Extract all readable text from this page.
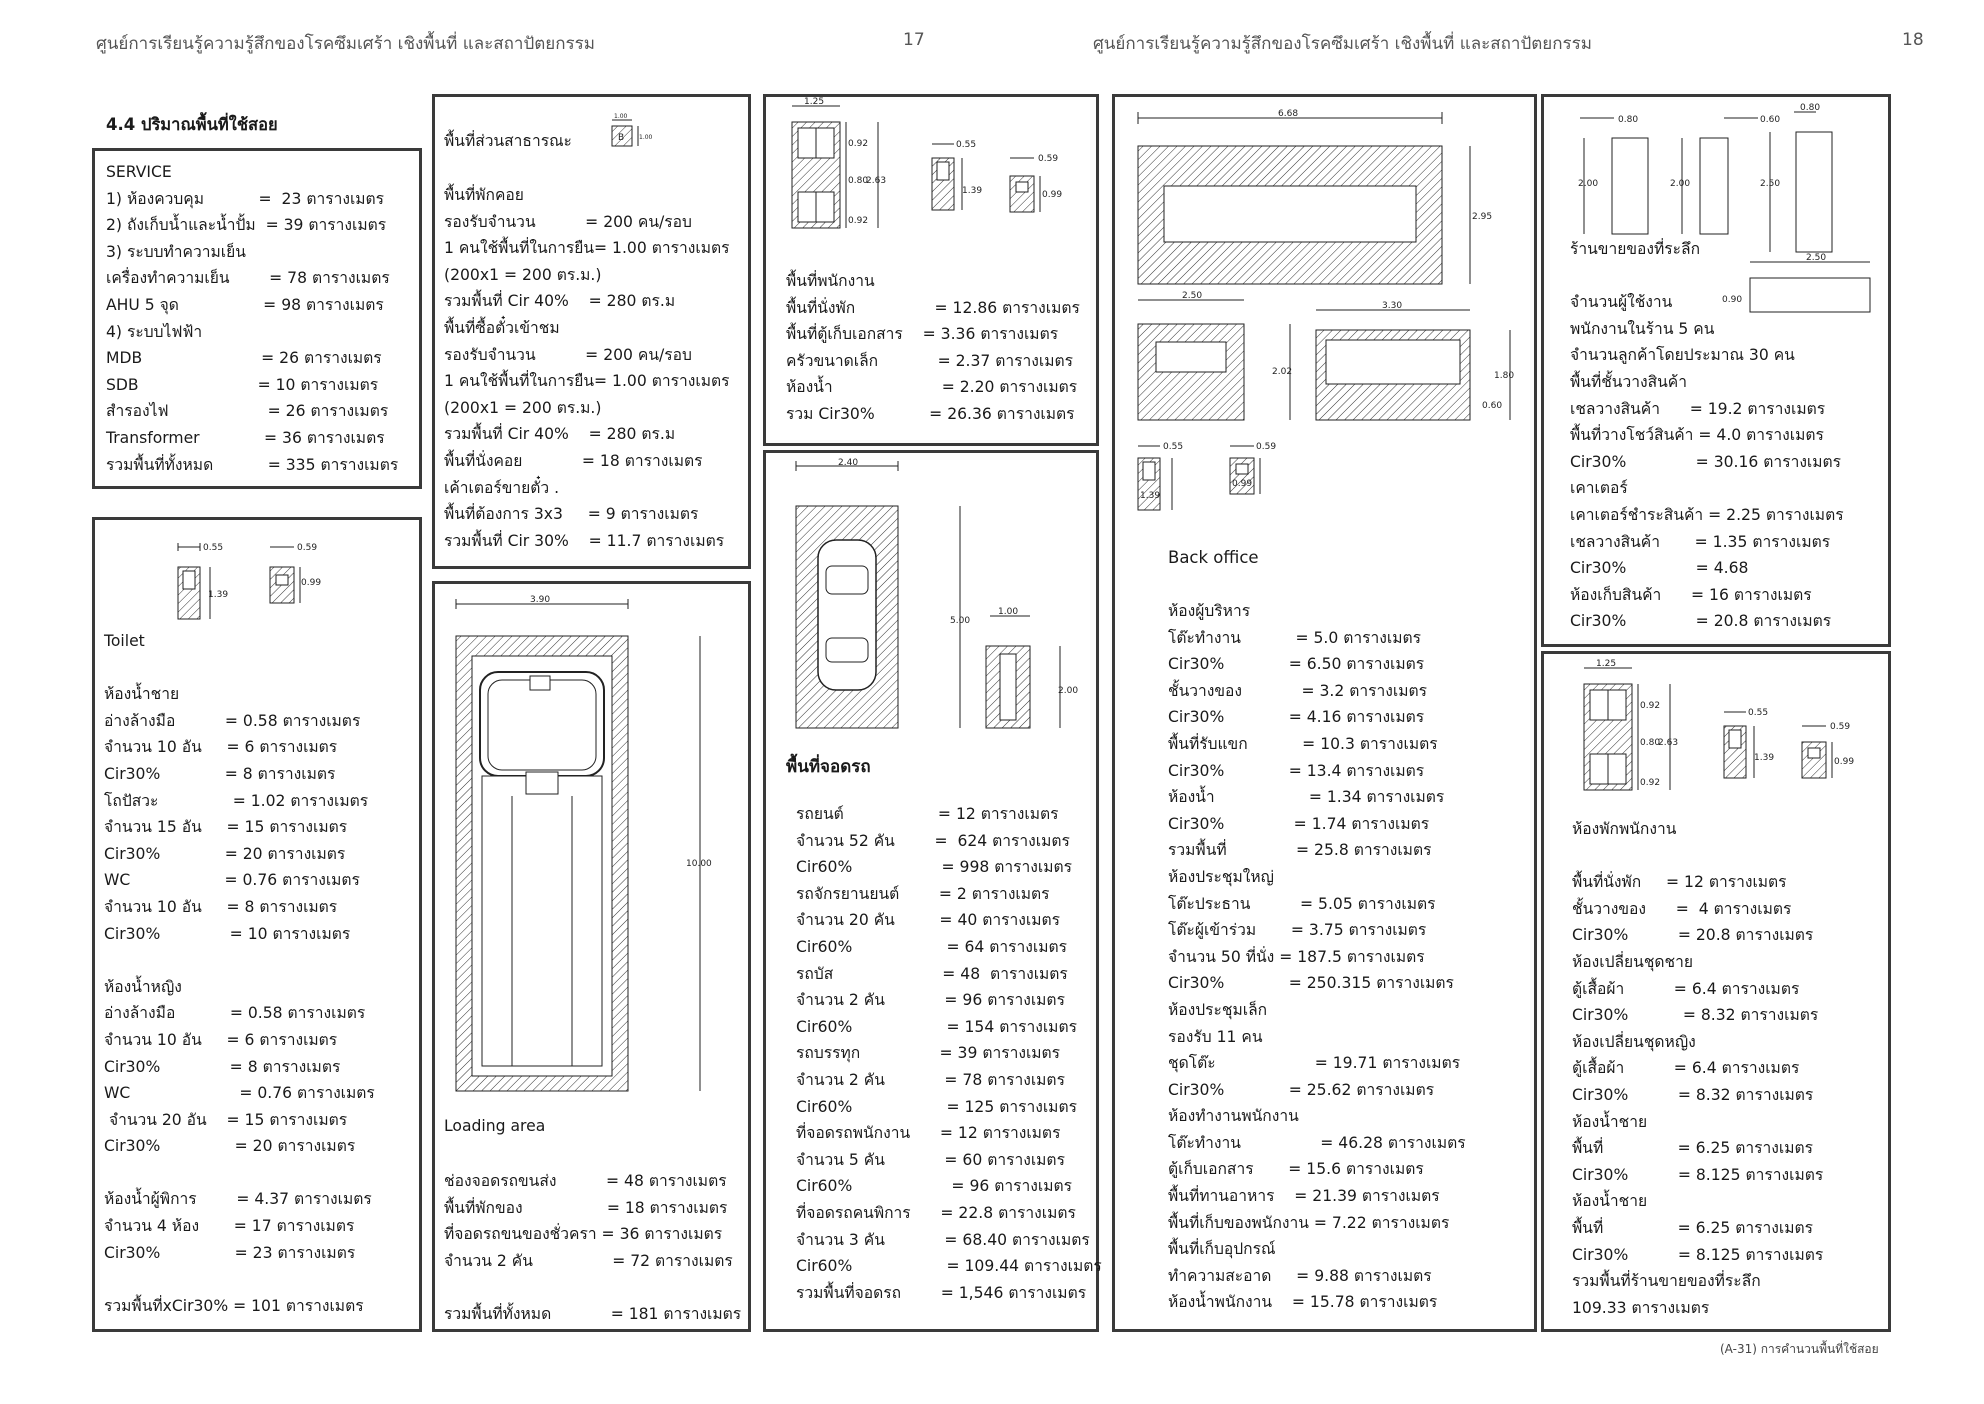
ศูนย์การเรียนรู้ความรู้สึกของโรคซึมเศร้า เชิงพื้นที่ และสถาปัตยกรรม	17	ศูนย์การเรียนรู้ความรู้สึกของโรคซึมเศร้า เชิงพื้นที่ และสถาปัตยกรรม	18
4.4 ปริมาณพื้นที่ใช้สอย
SERVICE
1) ห้องควบคุม           =  23 ตารางเมตร
2) ถังเก็บน้ำและน้ำปั้ม  = 39 ตารางเมตร
3) ระบบทำความเย็น
เครื่องทำความเย็น        = 78 ตารางเมตร
AHU 5 จุด                 = 98 ตารางเมตร
4) ระบบไฟฟ้า
MDB                        = 26 ตารางเมตร
SDB                        = 10 ตารางเมตร
สำรองไฟ                    = 26 ตารางเมตร
Transformer             = 36 ตารางเมตร
รวมพื้นที่ทั้งหมด           = 335 ตารางเมตร
0.55
1.39
0.59
0.99
Toilet
ห้องน้ำชาย
อ่างล้างมือ          = 0.58 ตารางเมตร
จำนวน 10 อัน     = 6 ตารางเมตร
Cir30%             = 8 ตารางเมตร
โถปัสวะ               = 1.02 ตารางเมตร
จำนวน 15 อัน     = 15 ตารางเมตร
Cir30%             = 20 ตารางเมตร
WC                   = 0.76 ตารางเมตร
จำนวน 10 อัน     = 8 ตารางเมตร
Cir30%              = 10 ตารางเมตร
ห้องน้ำหญิง
อ่างล้างมือ           = 0.58 ตารางเมตร
จำนวน 10 อัน     = 6 ตารางเมตร
Cir30%              = 8 ตารางเมตร
WC                      = 0.76 ตารางเมตร
จำนวน 20 อัน    = 15 ตารางเมตร
Cir30%               = 20 ตารางเมตร
ห้องน้ำผู้พิการ        = 4.37 ตารางเมตร
จำนวน 4 ห้อง       = 17 ตารางเมตร
Cir30%               = 23 ตารางเมตร
รวมพื้นที่xCir30% = 101 ตารางเมตร
พื้นที่ส่วนสาธารณะ
1.00
B 1.00
พื้นที่พักคอย
รองรับจำนวน          = 200 คน/รอบ
1 คนใช้พื้นที่ในการยืน= 1.00 ตารางเมตร
(200x1 = 200 ตร.ม.)
รวมพื้นที่ Cir 40%    = 280 ตร.ม
พื้นที่ซื้อตั๋วเข้าชม
รองรับจำนวน          = 200 คน/รอบ
1 คนใช้พื้นที่ในการยืน= 1.00 ตารางเมตร
(200x1 = 200 ตร.ม.)
รวมพื้นที่ Cir 40%    = 280 ตร.ม
พื้นที่นั่งคอย            = 18 ตารางเมตร
เค้าเตอร์ขายตั๋ว .
พื้นที่ต้องการ 3x3     = 9 ตารางเมตร
รวมพื้นที่ Cir 30%    = 11.7 ตารางเมตร
3.90
10.00
Loading area
ช่องจอดรถขนส่ง          = 48 ตารางเมตร
พื้นที่พักของ                 = 18 ตารางเมตร
ที่จอดรถขนของชั่วครา = 36 ตารางเมตร
จำนวน 2 คัน                = 72 ตารางเมตร
รวมพื้นที่ทั้งหมด            = 181 ตารางเมตร
1.25
0.92
0.80
0.92
2.63
0.55
1.39
0.59
0.99
พื้นที่พนักงาน
พื้นที่นั่งพัก                = 12.86 ตารางเมตร
พื้นที่ตู้เก็บเอกสาร    = 3.36 ตารางเมตร
ครัวขนาดเล็ก            = 2.37 ตารางเมตร
ห้องน้ำ                      = 2.20 ตารางเมตร
รวม Cir30%           = 26.36 ตารางเมตร
2.40
5.00
1.00
2.00
พื้นที่จอดรถ
รถยนต์                   = 12 ตารางเมตร
จำนวน 52 คัน        =  624 ตารางเมตร
Cir60%                  = 998 ตารางเมตร
รถจักรยานยนต์        = 2 ตารางเมตร
จำนวน 20 คัน         = 40 ตารางเมตร
Cir60%                   = 64 ตารางเมตร
รถบัส                      = 48  ตารางเมตร
จำนวน 2 คัน            = 96 ตารางเมตร
Cir60%                   = 154 ตารางเมตร
รถบรรทุก                = 39 ตารางเมตร
จำนวน 2 คัน            = 78 ตารางเมตร
Cir60%                   = 125 ตารางเมตร
ที่จอดรถพนักงาน      = 12 ตารางเมตร
จำนวน 5 คัน            = 60 ตารางเมตร
Cir60%                    = 96 ตารางเมตร
ที่จอดรถคนพิการ      = 22.8 ตารางเมตร
จำนวน 3 คัน            = 68.40 ตารางเมตร
Cir60%                   = 109.44 ตารางเมตร
รวมพื้นที่จอดรถ        = 1,546 ตารางเมตร
6.68
2.95
2.50
2.02
3.30
1.80
0.60
0.55
1.39
0.59
0.99
Back office
ห้องผู้บริหาร
โต๊ะทำงาน           = 5.0 ตารางเมตร
Cir30%             = 6.50 ตารางเมตร
ชั้นวางของ            = 3.2 ตารางเมตร
Cir30%             = 4.16 ตารางเมตร
พื้นที่รับแขก           = 10.3 ตารางเมตร
Cir30%             = 13.4 ตารางเมตร
ห้องน้ำ                   = 1.34 ตารางเมตร
Cir30%              = 1.74 ตารางเมตร
รวมพื้นที่              = 25.8 ตารางเมตร
ห้องประชุมใหญ่
โต๊ะประธาน          = 5.05 ตารางเมตร
โต๊ะผู้เข้าร่วม       = 3.75 ตารางเมตร
จำนวน 50 ที่นั่ง = 187.5 ตารางเมตร
Cir30%             = 250.315 ตารางเมตร
ห้องประชุมเล็ก
รองรับ 11 คน
ชุดโต๊ะ                    = 19.71 ตารางเมตร
Cir30%             = 25.62 ตารางเมตร
ห้องทำงานพนักงาน
โต๊ะทำงาน                = 46.28 ตารางเมตร
ตู้เก็บเอกสาร       = 15.6 ตารางเมตร
พื้นที่ทานอาหาร    = 21.39 ตารางเมตร
พื้นที่เก็บของพนักงาน = 7.22 ตารางเมตร
พื้นที่เก็บอุปกรณ์
ทำความสะอาด     = 9.88 ตารางเมตร
ห้องน้ำพนักงาน    = 15.78 ตารางเมตร
0.80
2.00	2.00
0.60
2.50
0.80
2.50
0.90
ร้านขายของที่ระลึก
จำนวนผู้ใช้งาน
พนักงานในร้าน 5 คน
จำนวนลูกค้าโดยประมาณ 30 คน
พื้นที่ชั้นวางสินค้า
เชลวางสินค้า      = 19.2 ตารางเมตร
พื้นที่วางโชว์สินค้า = 4.0 ตารางเมตร
Cir30%              = 30.16 ตารางเมตร
เคาเตอร์
เคาเตอร์ชำระสินค้า = 2.25 ตารางเมตร
เชลวางสินค้า       = 1.35 ตารางเมตร
Cir30%              = 4.68
ห้องเก็บสินค้า      = 16 ตารางเมตร
Cir30%              = 20.8 ตารางเมตร
1.25
0.92
0.80
0.92
2.63
0.55
1.39
0.59
0.99
ห้องพักพนักงาน
พื้นที่นั่งพัก     = 12 ตารางเมตร
ชั้นวางของ      =  4 ตารางเมตร
Cir30%          = 20.8 ตารางเมตร
ห้องเปลี่ยนชุดชาย
ตู้เสื้อผ้า          = 6.4 ตารางเมตร
Cir30%           = 8.32 ตารางเมตร
ห้องเปลี่ยนชุดหญิง
ตู้เสื้อผ้า          = 6.4 ตารางเมตร
Cir30%          = 8.32 ตารางเมตร
ห้องน้ำชาย
พื้นที่               = 6.25 ตารางเมตร
Cir30%          = 8.125 ตารางเมตร
ห้องน้ำชาย
พื้นที่               = 6.25 ตารางเมตร
Cir30%          = 8.125 ตารางเมตร
รวมพื้นที่ร้านขายของที่ระลึก
109.33 ตารางเมตร
(A-31) การคำนวนพื้นที่ใช้สอย
